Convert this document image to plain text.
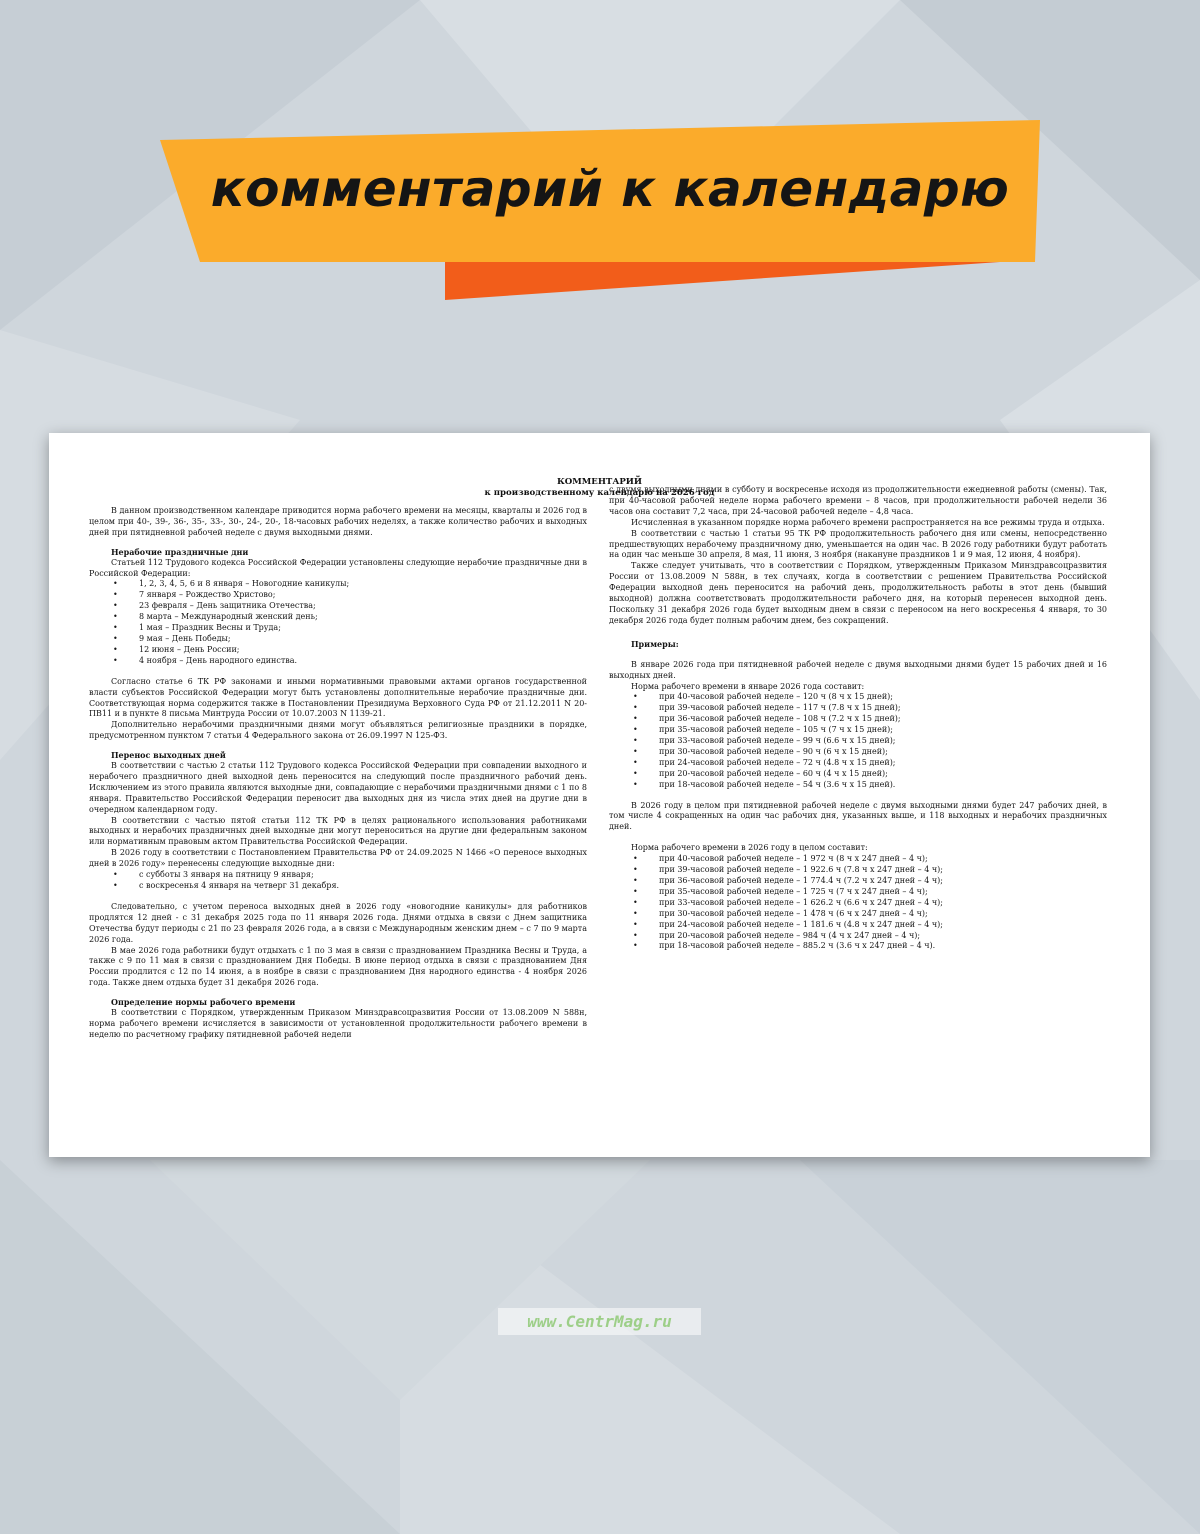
комментарий к календарю
КОММЕНТАРИЙ
к производственному календарю на 2026 год

В данном производственном календаре приводится норма рабочего времени на месяцы, кварталы и 2026 год в целом при 40-, 39-, 36-, 35-, 33-, 30-, 24-, 20-, 18-часовых рабочих неделях, а также количество рабочих и выходных дней при пятидневной рабочей неделе с двумя выходными днями.

Нерабочие праздничные дни

Статьей 112 Трудового кодекса Российской Федерации установлены следующие нерабочие праздничные дни в Российской Федерации:

• 1, 2, 3, 4, 5, 6 и 8 января – Новогодние каникулы;
• 7 января – Рождество Христово;
• 23 февраля – День защитника Отечества;
• 8 марта – Международный женский день;
• 1 мая – Праздник Весны и Труда;
• 9 мая – День Победы;
• 12 июня – День России;
• 4 ноября – День народного единства.

Согласно статье 6 ТК РФ законами и иными нормативными правовыми актами органов государственной власти субъектов Российской Федерации могут быть установлены дополнительные нерабочие праздничные дни. Соответствующая норма содержится также в Постановлении Президиума Верховного Суда РФ от 21.12.2011 N 20-ПВ11 и в пункте 8 письма Минтруда России от 10.07.2003 N 1139-21.

Дополнительно нерабочими праздничными днями могут объявляться религиозные праздники в порядке, предусмотренном пунктом 7 статьи 4 Федерального закона от 26.09.1997 N 125-ФЗ.

Перенос выходных дней

В соответствии с частью 2 статьи 112 Трудового кодекса Российской Федерации при совпадении выходного и нерабочего праздничного дней выходной день переносится на следующий после праздничного рабочий день. Исключением из этого правила являются выходные дни, совпадающие с нерабочими праздничными днями с 1 по 8 января. Правительство Российской Федерации переносит два выходных дня из числа этих дней на другие дни в очередном календарном году.

В соответствии с частью пятой статьи 112 ТК РФ в целях рационального использования работниками выходных и нерабочих праздничных дней выходные дни могут переноситься на другие дни федеральным законом или нормативным правовым актом Правительства Российской Федерации.

В 2026 году в соответствии с Постановлением Правительства РФ от 24.09.2025 N 1466 «О переносе выходных дней в 2026 году» перенесены следующие выходные дни:

• с субботы 3 января на пятницу 9 января;
• с воскресенья 4 января на четверг 31 декабря.

Следовательно, с учетом переноса выходных дней в 2026 году «новогодние каникулы» для работников продлятся 12 дней - с 31 декабря 2025 года по 11 января 2026 года. Днями отдыха в связи с Днем защитника Отечества будут периоды с 21 по 23 февраля 2026 года, а в связи с Международным женским днем – с 7 по 9 марта 2026 года.

В мае 2026 года работники будут отдыхать с 1 по 3 мая в связи с празднованием Праздника Весны и Труда, а также с 9 по 11 мая в связи с празднованием Дня Победы. В июне период отдыха в связи с празднованием Дня России продлится с 12 по 14 июня, а в ноябре в связи с празднованием Дня народного единства - 4 ноября 2026 года. Также днем отдыха будет 31 декабря 2026 года.

Определение нормы рабочего времени

В соответствии с Порядком, утвержденным Приказом Минздравсоцразвития России от 13.08.2009 N 588н, норма рабочего времени исчисляется в зависимости от установленной продолжительности рабочего времени в неделю по расчетному графику пятидневной рабочей недели

с двумя выходными днями в субботу и воскресенье исходя из продолжительности ежедневной работы (смены). Так, при 40-часовой рабочей неделе норма рабочего времени – 8 часов, при продолжительности рабочей недели 36 часов она составит 7,2 часа, при 24-часовой рабочей неделе – 4,8 часа.

Исчисленная в указанном порядке норма рабочего времени распространяется на все режимы труда и отдыха.

В соответствии с частью 1 статьи 95 ТК РФ продолжительность рабочего дня или смены, непосредственно предшествующих нерабочему праздничному дню, уменьшается на один час. В 2026 году работники будут работать на один час меньше 30 апреля, 8 мая, 11 июня, 3 ноября (накануне праздников 1 и 9 мая, 12 июня, 4 ноября).

Также следует учитывать, что в соответствии с Порядком, утвержденным Приказом Минздравсоцразвития России от 13.08.2009 N 588н, в тех случаях, когда в соответствии с решением Правительства Российской Федерации выходной день переносится на рабочий день, продолжительность работы в этот день (бывший выходной) должна соответствовать продолжительности рабочего дня, на который перенесен выходной день. Поскольку 31 декабря 2026 года будет выходным днем в связи с переносом на него воскресенья 4 января, то 30 декабря 2026 года будет полным рабочим днем, без сокращений.

Примеры:

В январе 2026 года при пятидневной рабочей неделе с двумя выходными днями будет 15 рабочих дней и 16 выходных дней.

Норма рабочего времени в январе 2026 года составит:

• при 40-часовой рабочей неделе – 120 ч (8 ч х 15 дней);
• при 39-часовой рабочей неделе – 117 ч (7.8 ч х 15 дней);
• при 36-часовой рабочей неделе – 108 ч (7.2 ч х 15 дней);
• при 35-часовой рабочей неделе – 105 ч (7 ч х 15 дней);
• при 33-часовой рабочей неделе – 99 ч (6.6 ч х 15 дней);
• при 30-часовой рабочей неделе – 90 ч (6 ч х 15 дней);
• при 24-часовой рабочей неделе – 72 ч (4.8 ч х 15 дней);
• при 20-часовой рабочей неделе – 60 ч (4 ч х 15 дней);
• при 18-часовой рабочей неделе – 54 ч (3.6 ч х 15 дней).

В 2026 году в целом при пятидневной рабочей неделе с двумя выходными днями будет 247 рабочих дней, в том числе 4 сокращенных на один час рабочих дня, указанных выше, и 118 выходных и нерабочих праздничных дней.

Норма рабочего времени в 2026 году в целом составит:

• при 40-часовой рабочей неделе – 1 972 ч (8 ч х 247 дней – 4 ч);
• при 39-часовой рабочей неделе – 1 922.6 ч (7.8 ч х 247 дней – 4 ч);
• при 36-часовой рабочей неделе – 1 774.4 ч (7.2 ч х 247 дней – 4 ч);
• при 35-часовой рабочей неделе – 1 725 ч (7 ч х 247 дней – 4 ч);
• при 33-часовой рабочей неделе – 1 626.2 ч (6.6 ч х 247 дней – 4 ч);
• при 30-часовой рабочей неделе – 1 478 ч (6 ч х 247 дней – 4 ч);
• при 24-часовой рабочей неделе – 1 181.6 ч (4.8 ч х 247 дней – 4 ч);
• при 20-часовой рабочей неделе – 984 ч (4 ч х 247 дней – 4 ч);
• при 18-часовой рабочей неделе – 885.2 ч (3.6 ч х 247 дней – 4 ч).
www.CentrMag.ru
